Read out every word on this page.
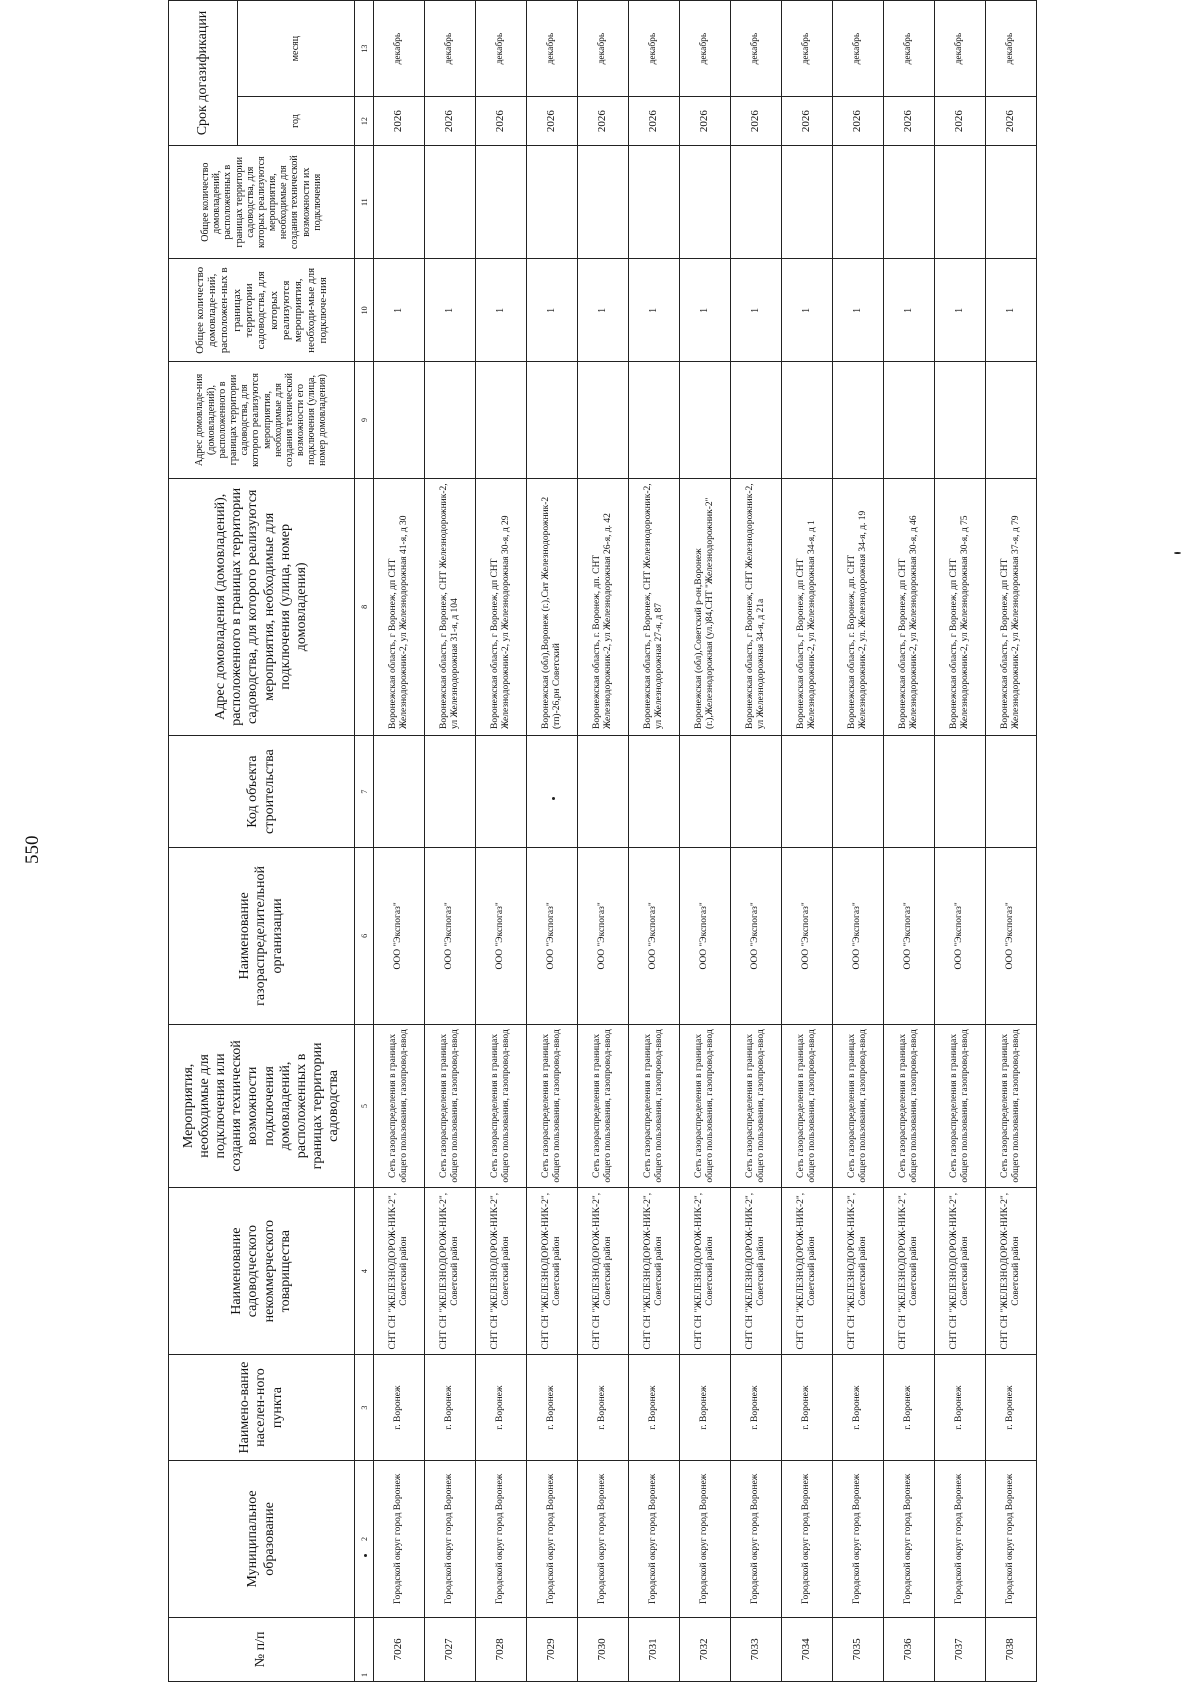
550
№ п/п	Муниципальное образование	Наимено-вание населен-ного пункта	Наименование садоводческого некоммерческого товарищества	Мероприятия, необходимые для подключения или создания технической возможности подключения домовладений, расположенных в границах территории садоводства	Наименование газораспределительной организации	Код объекта строительства	Адрес домовладения (домовладений), расположенного в границах территории садоводства, для которого реализуются мероприятия, необходимые для подключения (улица, номер домовладения)	Адрес домовладе-ния (домовладений), расположенного в границах территории садоводства, для которого реализуются мероприятия, необходимые для создания технической возможности его подключения (улица, номер домовладения)	Общее количество домовладе-ний, расположен-ных в границах территории садоводства, для которых реализуются мероприятия, необходи-мые для подключе-ния	Общее количество домовладений, расположенных в границах территории садоводства, для которых реализуются мероприятия, необходимые для создания технической возможности их подключения	Срок догазификации	
											год	месяц
1	2	3	4	5	6	7	8	9	10	11	12	13
7026	Городской округ город Воронеж	г. Воронеж	СНТ СН "ЖЕЛЕЗНОДОРОЖ-НИК-2", Советский район	Сеть газораспределения в границах общего пользования, газопровод-ввод	ООО "Экспогаз"		Воронежская область, г Воронеж, дп СНТ Железнодорожник-2, ул Железнодорожная 41-я, д 30		1		2026	декабрь
7027	Городской округ город Воронеж	г. Воронеж	СНТ СН "ЖЕЛЕЗНОДОРОЖ-НИК-2", Советский район	Сеть газораспределения в границах общего пользования, газопровод-ввод	ООО "Экспогаз"		Воронежская область, г Воронеж, СНТ Железнодорожник-2, ул Железнодорожная 31-я, д 104		1		2026	декабрь
7028	Городской округ город Воронеж	г. Воронеж	СНТ СН "ЖЕЛЕЗНОДОРОЖ-НИК-2", Советский район	Сеть газораспределения в границах общего пользования, газопровод-ввод	ООО "Экспогаз"		Воронежская область, г Воронеж, дп СНТ Железнодорожник-2, ул Железнодорожная 30-я, д 29		1		2026	декабрь
7029	Городской округ город Воронеж	г. Воронеж	СНТ СН "ЖЕЛЕЗНОДОРОЖ-НИК-2", Советский район	Сеть газораспределения в границах общего пользования, газопровод-ввод	ООО "Экспогаз"		Воронежская (обл),Воронеж (г.),Снт Железнодорожник-2 (тп)-26,рн Советский		1		2026	декабрь
7030	Городской округ город Воронеж	г. Воронеж	СНТ СН "ЖЕЛЕЗНОДОРОЖ-НИК-2", Советский район	Сеть газораспределения в границах общего пользования, газопровод-ввод	ООО "Экспогаз"		Воронежская область, г. Воронеж, дп. СНТ Железнодорожник-2, ул Железнодорожная 26-я, д. 42		1		2026	декабрь
7031	Городской округ город Воронеж	г. Воронеж	СНТ СН "ЖЕЛЕЗНОДОРОЖ-НИК-2", Советский район	Сеть газораспределения в границах общего пользования, газопровод-ввод	ООО "Экспогаз"		Воронежская область, г Воронеж, СНТ Железнодорожник-2, ул Железнодорожная 27-я, д 87		1		2026	декабрь
7032	Городской округ город Воронеж	г. Воронеж	СНТ СН "ЖЕЛЕЗНОДОРОЖ-НИК-2", Советский район	Сеть газораспределения в границах общего пользования, газопровод-ввод	ООО "Экспогаз"		Воронежская (обл),Советский р-он,Воронеж (г.),Железнодорожная (ул.)84,СНТ "Железнодорожник-2"		1		2026	декабрь
7033	Городской округ город Воронеж	г. Воронеж	СНТ СН "ЖЕЛЕЗНОДОРОЖ-НИК-2", Советский район	Сеть газораспределения в границах общего пользования, газопровод-ввод	ООО "Экспогаз"		Воронежская область, г Воронеж, СНТ Железнодорожник-2, ул Железнодорожная 34-я, д 21а		1		2026	декабрь
7034	Городской округ город Воронеж	г. Воронеж	СНТ СН "ЖЕЛЕЗНОДОРОЖ-НИК-2", Советский район	Сеть газораспределения в границах общего пользования, газопровод-ввод	ООО "Экспогаз"		Воронежская область, г Воронеж, дп СНТ Железнодорожник-2, ул Железнодорожная 34-я, д 1		1		2026	декабрь
7035	Городской округ город Воронеж	г. Воронеж	СНТ СН "ЖЕЛЕЗНОДОРОЖ-НИК-2", Советский район	Сеть газораспределения в границах общего пользования, газопровод-ввод	ООО "Экспогаз"		Воронежская область, г. Воронеж, дп. СНТ Железнодорожник-2, ул. Железнодорожная 34-я, д. 19		1		2026	декабрь
7036	Городской округ город Воронеж	г. Воронеж	СНТ СН "ЖЕЛЕЗНОДОРОЖ-НИК-2", Советский район	Сеть газораспределения в границах общего пользования, газопровод-ввод	ООО "Экспогаз"		Воронежская область, г Воронеж, дп СНТ Железнодорожник-2, ул Железнодорожная 30-я, д 46		1		2026	декабрь
7037	Городской округ город Воронеж	г. Воронеж	СНТ СН "ЖЕЛЕЗНОДОРОЖ-НИК-2", Советский район	Сеть газораспределения в границах общего пользования, газопровод-ввод	ООО "Экспогаз"		Воронежская область, г Воронеж, дп СНТ Железнодорожник-2, ул Железнодорожная 30-я, д 75		1		2026	декабрь
7038	Городской округ город Воронеж	г. Воронеж	СНТ СН "ЖЕЛЕЗНОДОРОЖ-НИК-2", Советский район	Сеть газораспределения в границах общего пользования, газопровод-ввод	ООО "Экспогаз"		Воронежская область, г Воронеж, дп СНТ Железнодорожник-2, ул Железнодорожная 37-я, д 79		1		2026	декабрь
